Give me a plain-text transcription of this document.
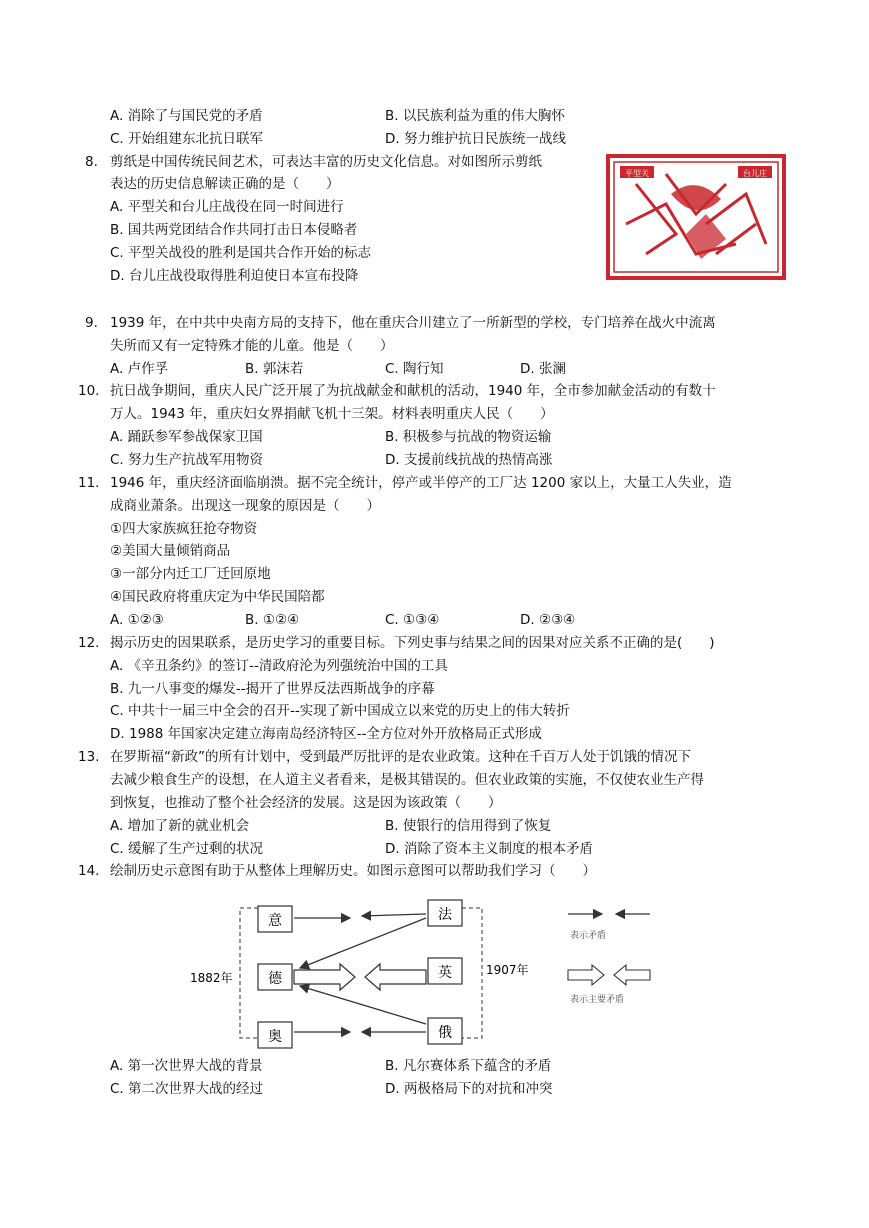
A. 消除了与国民党的矛盾	B. 以民族利益为重的伟大胸怀
C. 开始组建东北抗日联军	D. 努力维护抗日民族统一战线
8. 剪纸是中国传统民间艺术，可表达丰富的历史文化信息。对如图所示剪纸
表达的历史信息解读正确的是（　　）
A. 平型关和台儿庄战役在同一时间进行
B. 国共两党团结合作共同打击日本侵略者
C. 平型关战役的胜利是国共合作开始的标志
D. 台儿庄战役取得胜利迫使日本宣布投降
平型关	台儿庄
9. 1939 年，在中共中央南方局的支持下，他在重庆合川建立了一所新型的学校，专门培养在战火中流离
失所而又有一定特殊才能的儿童。他是（　　）
A. 卢作孚	B. 郭沫若	C. 陶行知	D. 张澜
10. 抗日战争期间，重庆人民广泛开展了为抗战献金和献机的活动，1940 年，全市参加献金活动的有数十
万人。1943 年，重庆妇女界捐献飞机十三架。材料表明重庆人民（　　）
A. 踊跃参军参战保家卫国	B. 积极参与抗战的物资运输
C. 努力生产抗战军用物资	D. 支援前线抗战的热情高涨
11. 1946 年，重庆经济面临崩溃。据不完全统计，停产或半停产的工厂达 1200 家以上，大量工人失业，造
成商业萧条。出现这一现象的原因是（　　）
①四大家族疯狂抢夺物资
②美国大量倾销商品
③一部分内迁工厂迁回原地
④国民政府将重庆定为中华民国陪都
A. ①②③	B. ①②④	C. ①③④	D. ②③④
12. 揭示历史的因果联系，是历史学习的重要目标。下列史事与结果之间的因果对应关系不正确的是(　　)
A. 《辛丑条约》的签订--清政府沦为列强统治中国的工具
B. 九一八事变的爆发--揭开了世界反法西斯战争的序幕
C. 中共十一届三中全会的召开--实现了新中国成立以来党的历史上的伟大转折
D. 1988 年国家决定建立海南岛经济特区--全方位对外开放格局正式形成
13. 在罗斯福“新政”的所有计划中，受到最严厉批评的是农业政策。这种在千百万人处于饥饿的情况下
去减少粮食生产的设想，在人道主义者看来，是极其错误的。但农业政策的实施，不仅使农业生产得
到恢复，也推动了整个社会经济的发展。这是因为该政策（　　）
A. 增加了新的就业机会	B. 使银行的信用得到了恢复
C. 缓解了生产过剩的状况	D. 消除了资本主义制度的根本矛盾
14. 绘制历史示意图有助于从整体上理解历史。如图示意图可以帮助我们学习（　　）
意
德
奥
法
英
俄
1882年
1907年
表示矛盾
表示主要矛盾
A. 第一次世界大战的背景	B. 凡尔赛体系下蕴含的矛盾
C. 第二次世界大战的经过	D. 两极格局下的对抗和冲突
